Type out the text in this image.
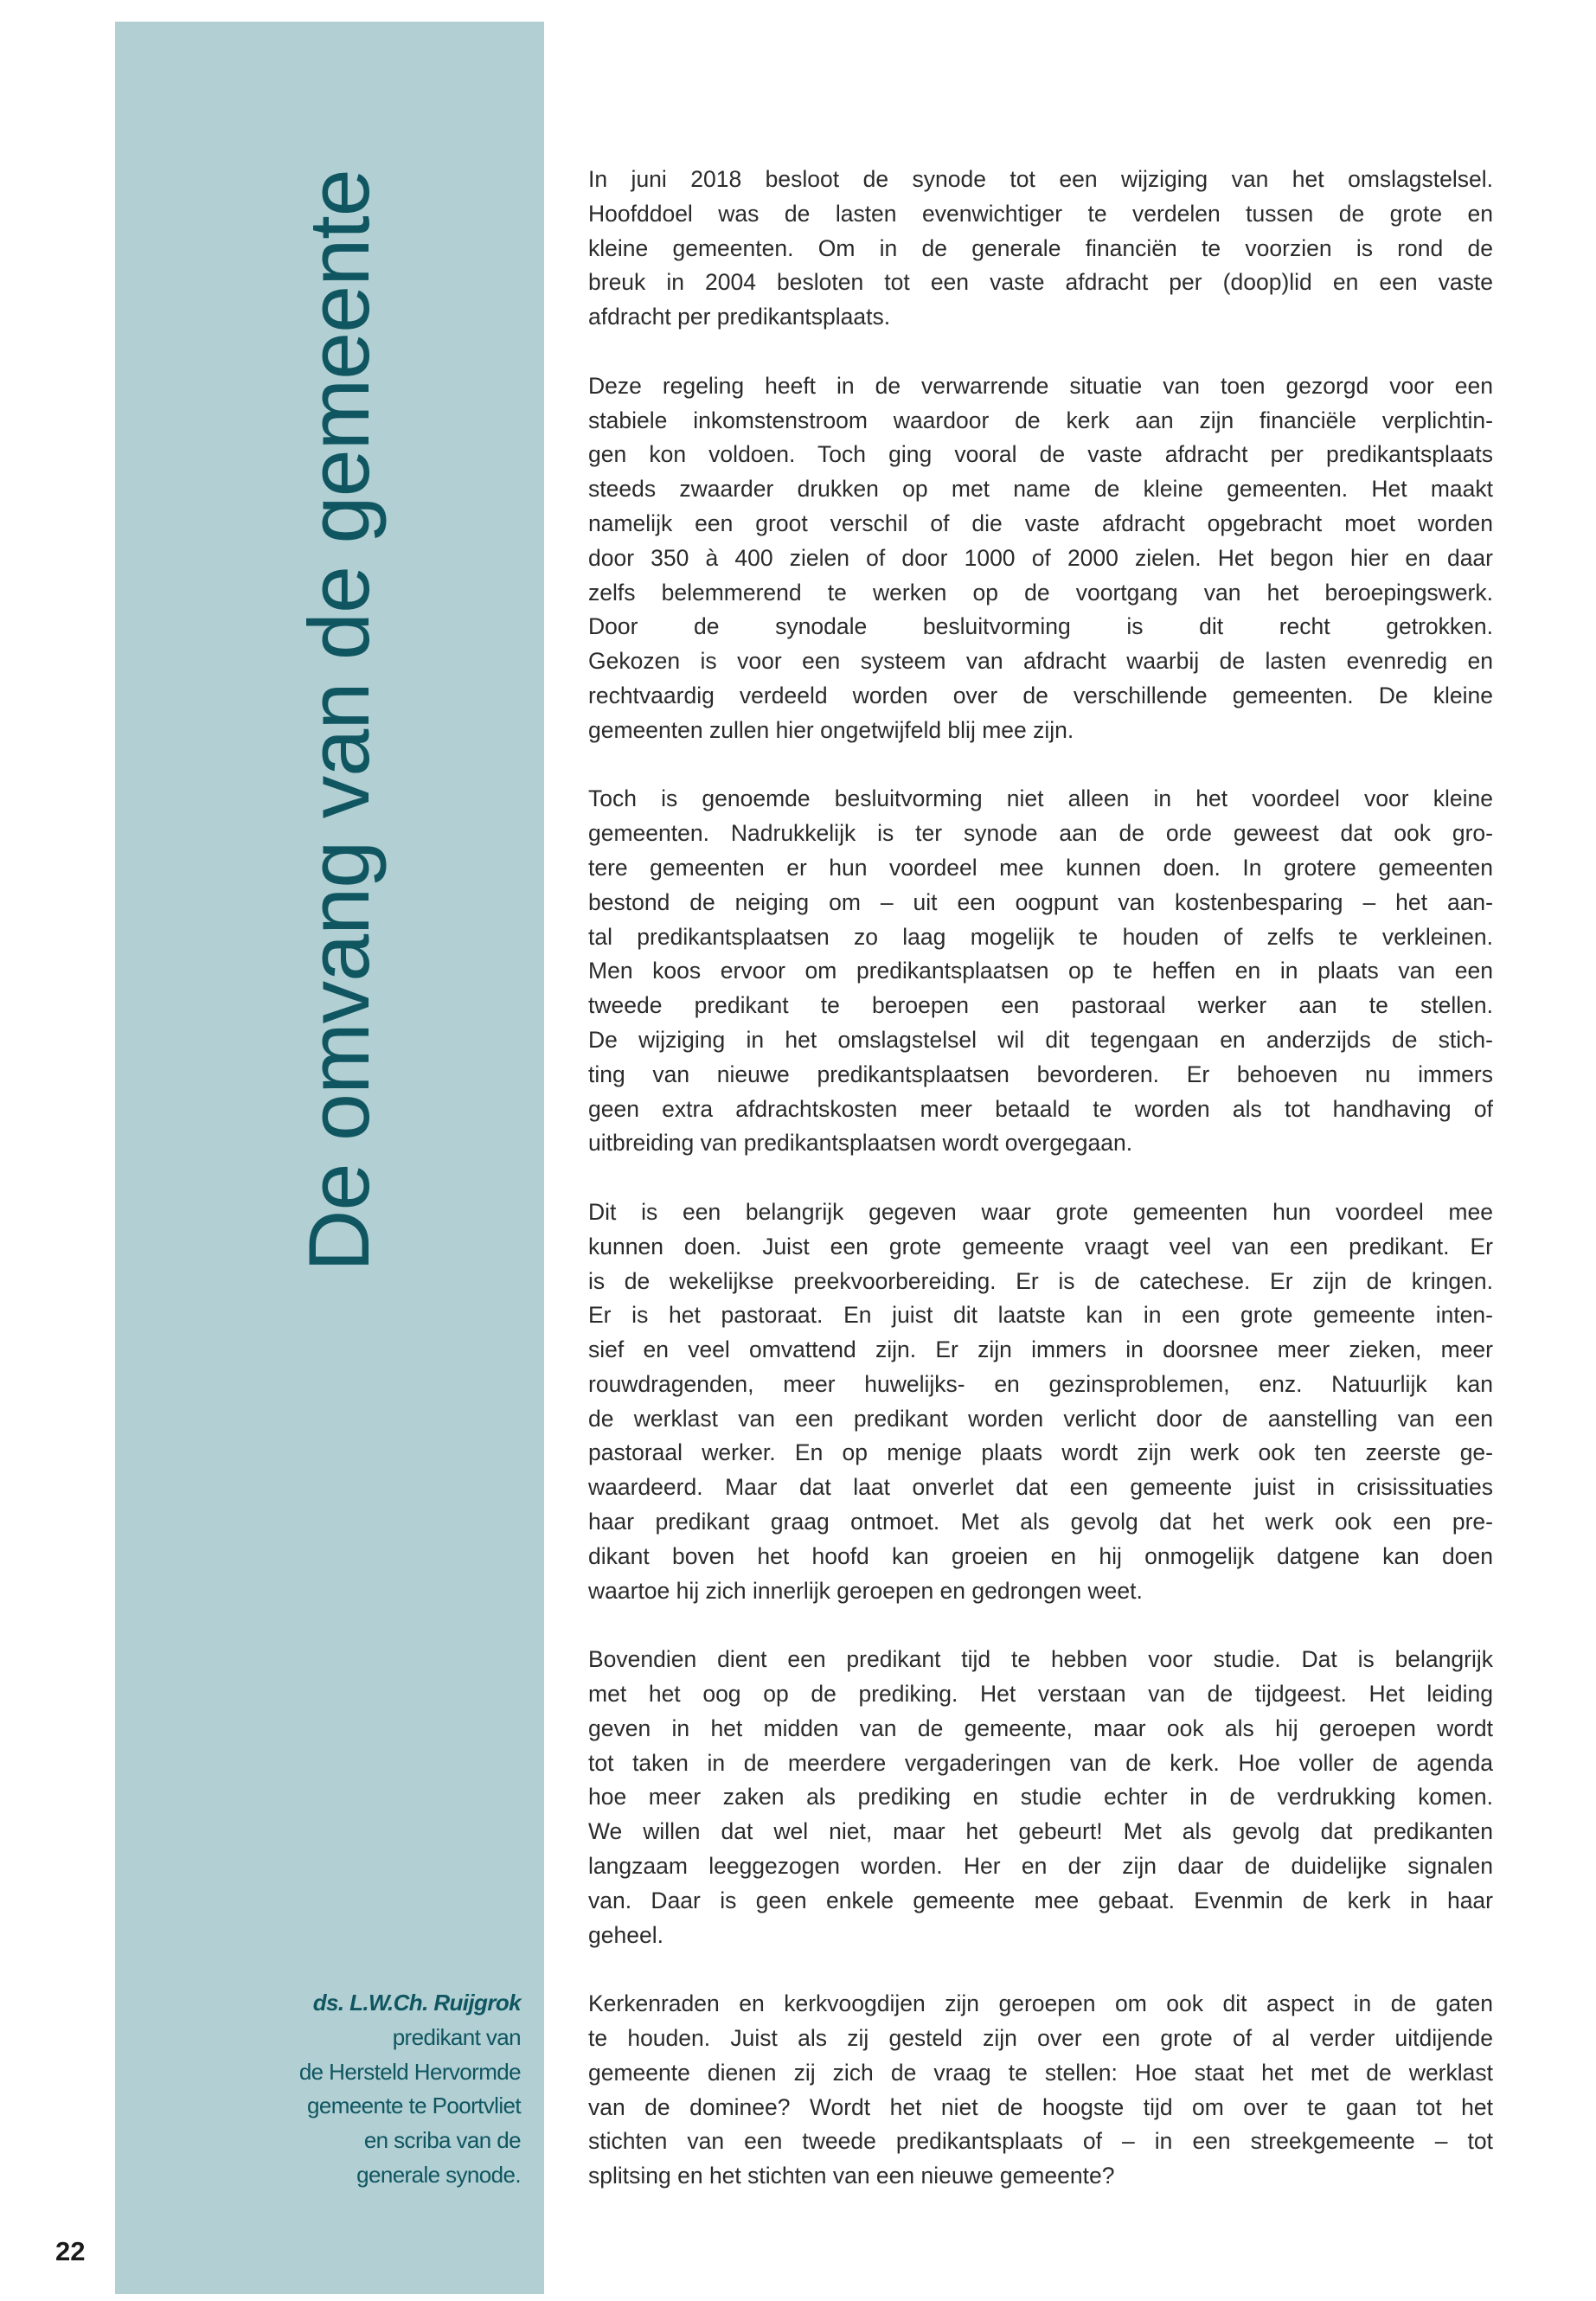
De omvang van de gemeente
ds. L.W.Ch. Ruijgrok
predikant van
de Hersteld Hervormde
gemeente te Poortvliet
en scriba van de
generale synode.
22
In juni 2018 besloot de synode tot een wijziging van het omslagstelsel.
Hoofddoel was de lasten evenwichtiger te verdelen tussen de grote en
kleine gemeenten. Om in de generale financiën te voorzien is rond de
breuk in 2004 besloten tot een vaste afdracht per (doop)lid en een vaste
afdracht per predikantsplaats.
Deze regeling heeft in de verwarrende situatie van toen gezorgd voor een
stabiele inkomstenstroom waardoor de kerk aan zijn financiële verplichtin-
gen kon voldoen. Toch ging vooral de vaste afdracht per predikantsplaats
steeds zwaarder drukken op met name de kleine gemeenten. Het maakt
namelijk een groot verschil of die vaste afdracht opgebracht moet worden
door 350 à 400 zielen of door 1000 of 2000 zielen. Het begon hier en daar
zelfs belemmerend te werken op de voortgang van het beroepingswerk.
Door de synodale besluitvorming is dit recht getrokken.
Gekozen is voor een systeem van afdracht waarbij de lasten evenredig en
rechtvaardig verdeeld worden over de verschillende gemeenten. De kleine
gemeenten zullen hier ongetwijfeld blij mee zijn.
Toch is genoemde besluitvorming niet alleen in het voordeel voor kleine
gemeenten. Nadrukkelijk is ter synode aan de orde geweest dat ook gro-
tere gemeenten er hun voordeel mee kunnen doen. In grotere gemeenten
bestond de neiging om – uit een oogpunt van kostenbesparing – het aan-
tal predikantsplaatsen zo laag mogelijk te houden of zelfs te verkleinen.
Men koos ervoor om predikantsplaatsen op te heffen en in plaats van een
tweede predikant te beroepen een pastoraal werker aan te stellen.
De wijziging in het omslagstelsel wil dit tegengaan en anderzijds de stich-
ting van nieuwe predikantsplaatsen bevorderen. Er behoeven nu immers
geen extra afdrachtskosten meer betaald te worden als tot handhaving of
uitbreiding van predikantsplaatsen wordt overgegaan.
Dit is een belangrijk gegeven waar grote gemeenten hun voordeel mee
kunnen doen. Juist een grote gemeente vraagt veel van een predikant. Er
is de wekelijkse preekvoorbereiding. Er is de catechese. Er zijn de kringen.
Er is het pastoraat. En juist dit laatste kan in een grote gemeente inten-
sief en veel omvattend zijn. Er zijn immers in doorsnee meer zieken, meer
rouwdragenden, meer huwelijks- en gezinsproblemen, enz. Natuurlijk kan
de werklast van een predikant worden verlicht door de aanstelling van een
pastoraal werker. En op menige plaats wordt zijn werk ook ten zeerste ge-
waardeerd. Maar dat laat onverlet dat een gemeente juist in crisissituaties
haar predikant graag ontmoet. Met als gevolg dat het werk ook een pre-
dikant boven het hoofd kan groeien en hij onmogelijk datgene kan doen
waartoe hij zich innerlijk geroepen en gedrongen weet.
Bovendien dient een predikant tijd te hebben voor studie. Dat is belangrijk
met het oog op de prediking. Het verstaan van de tijdgeest. Het leiding
geven in het midden van de gemeente, maar ook als hij geroepen wordt
tot taken in de meerdere vergaderingen van de kerk. Hoe voller de agenda
hoe meer zaken als prediking en studie echter in de verdrukking komen.
We willen dat wel niet, maar het gebeurt! Met als gevolg dat predikanten
langzaam leeggezogen worden. Her en der zijn daar de duidelijke signalen
van. Daar is geen enkele gemeente mee gebaat. Evenmin de kerk in haar
geheel.
Kerkenraden en kerkvoogdijen zijn geroepen om ook dit aspect in de gaten
te houden. Juist als zij gesteld zijn over een grote of al verder uitdijende
gemeente dienen zij zich de vraag te stellen: Hoe staat het met de werklast
van de dominee? Wordt het niet de hoogste tijd om over te gaan tot het
stichten van een tweede predikantsplaats of – in een streekgemeente – tot
splitsing en het stichten van een nieuwe gemeente?
